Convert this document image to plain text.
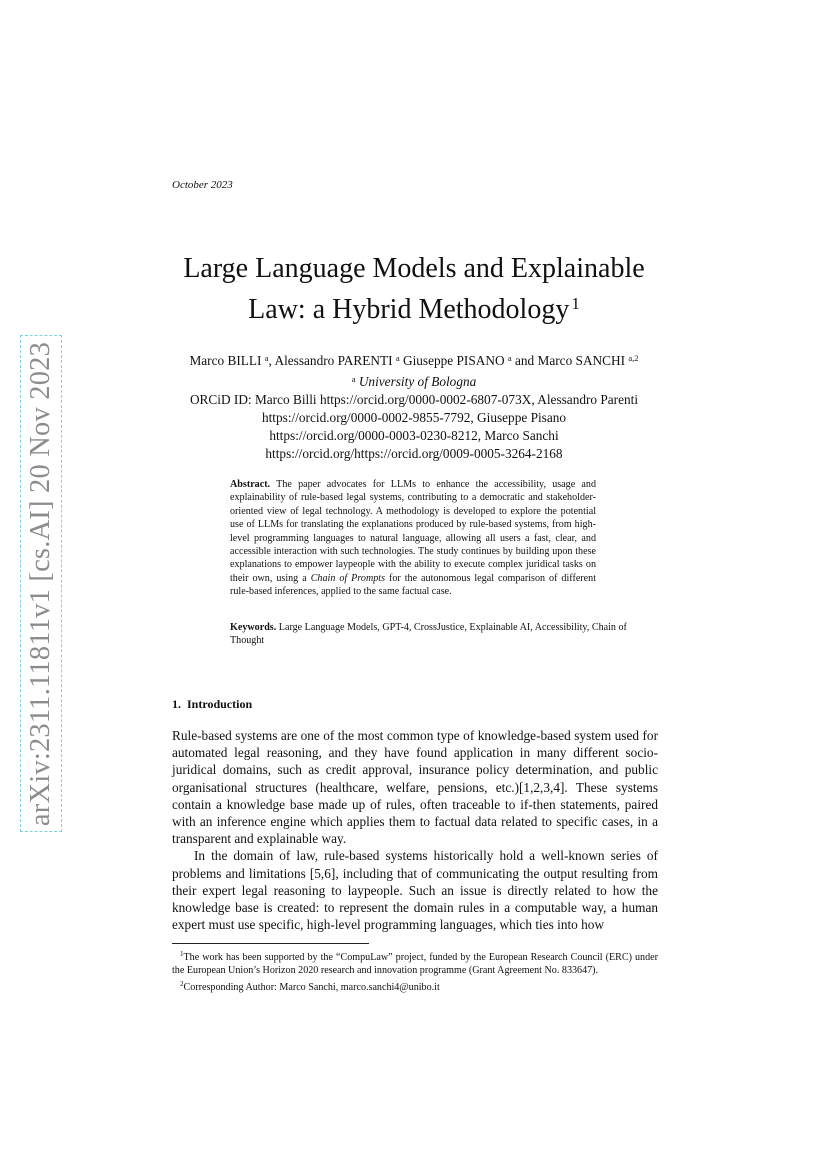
arXiv:2311.11811v1 [cs.AI] 20 Nov 2023
October 2023
Large Language Models and Explainable Law: a Hybrid Methodology $^1$
Marco BILLI $^a$, Alessandro PARENTI $^a$ Giuseppe PISANO $^a$ and Marco SANCHI $^{a,2}$
$^a$ University of Bologna
ORCiD ID: Marco Billi https://orcid.org/0000-0002-6807-073X, Alessandro Parenti
https://orcid.org/0000-0002-9855-7792, Giuseppe Pisano
https://orcid.org/0000-0003-0230-8212, Marco Sanchi
https://orcid.org/https://orcid.org/0009-0005-3264-2168
Abstract. The paper advocates for LLMs to enhance the accessibility, usage and explainability of rule-based legal systems, contributing to a democratic and stakeholder-oriented view of legal technology. A methodology is developed to explore the potential use of LLMs for translating the explanations produced by rule-based systems, from high-level programming languages to natural language, allowing all users a fast, clear, and accessible interaction with such technologies. The study continues by building upon these explanations to empower laypeople with the ability to execute complex juridical tasks on their own, using a Chain of Prompts for the autonomous legal comparison of different rule-based inferences, applied to the same factual case.
Keywords. Large Language Models, GPT-4, CrossJustice, Explainable AI, Accessibility, Chain of Thought
1. Introduction

Rule-based systems are one of the most common type of knowledge-based system used for automated legal reasoning, and they have found application in many different socio-juridical domains, such as credit approval, insurance policy determination, and public organisational structures (healthcare, welfare, pensions, etc.)[1,2,3,4]. These systems contain a knowledge base made up of rules, often traceable to if-then statements, paired with an inference engine which applies them to factual data related to specific cases, in a transparent and explainable way.

In the domain of law, rule-based systems historically hold a well-known series of problems and limitations [5,6], including that of communicating the output resulting from their expert legal reasoning to laypeople. Such an issue is directly related to how the knowledge base is created: to represent the domain rules in a computable way, a human expert must use specific, high-level programming languages, which ties into how

$^1$The work has been supported by the “CompuLaw” project, funded by the European Research Council (ERC) under the European Union’s Horizon 2020 research and innovation programme (Grant Agreement No. 833647).

$^2$Corresponding Author: Marco Sanchi, marco.sanchi4@unibo.it
